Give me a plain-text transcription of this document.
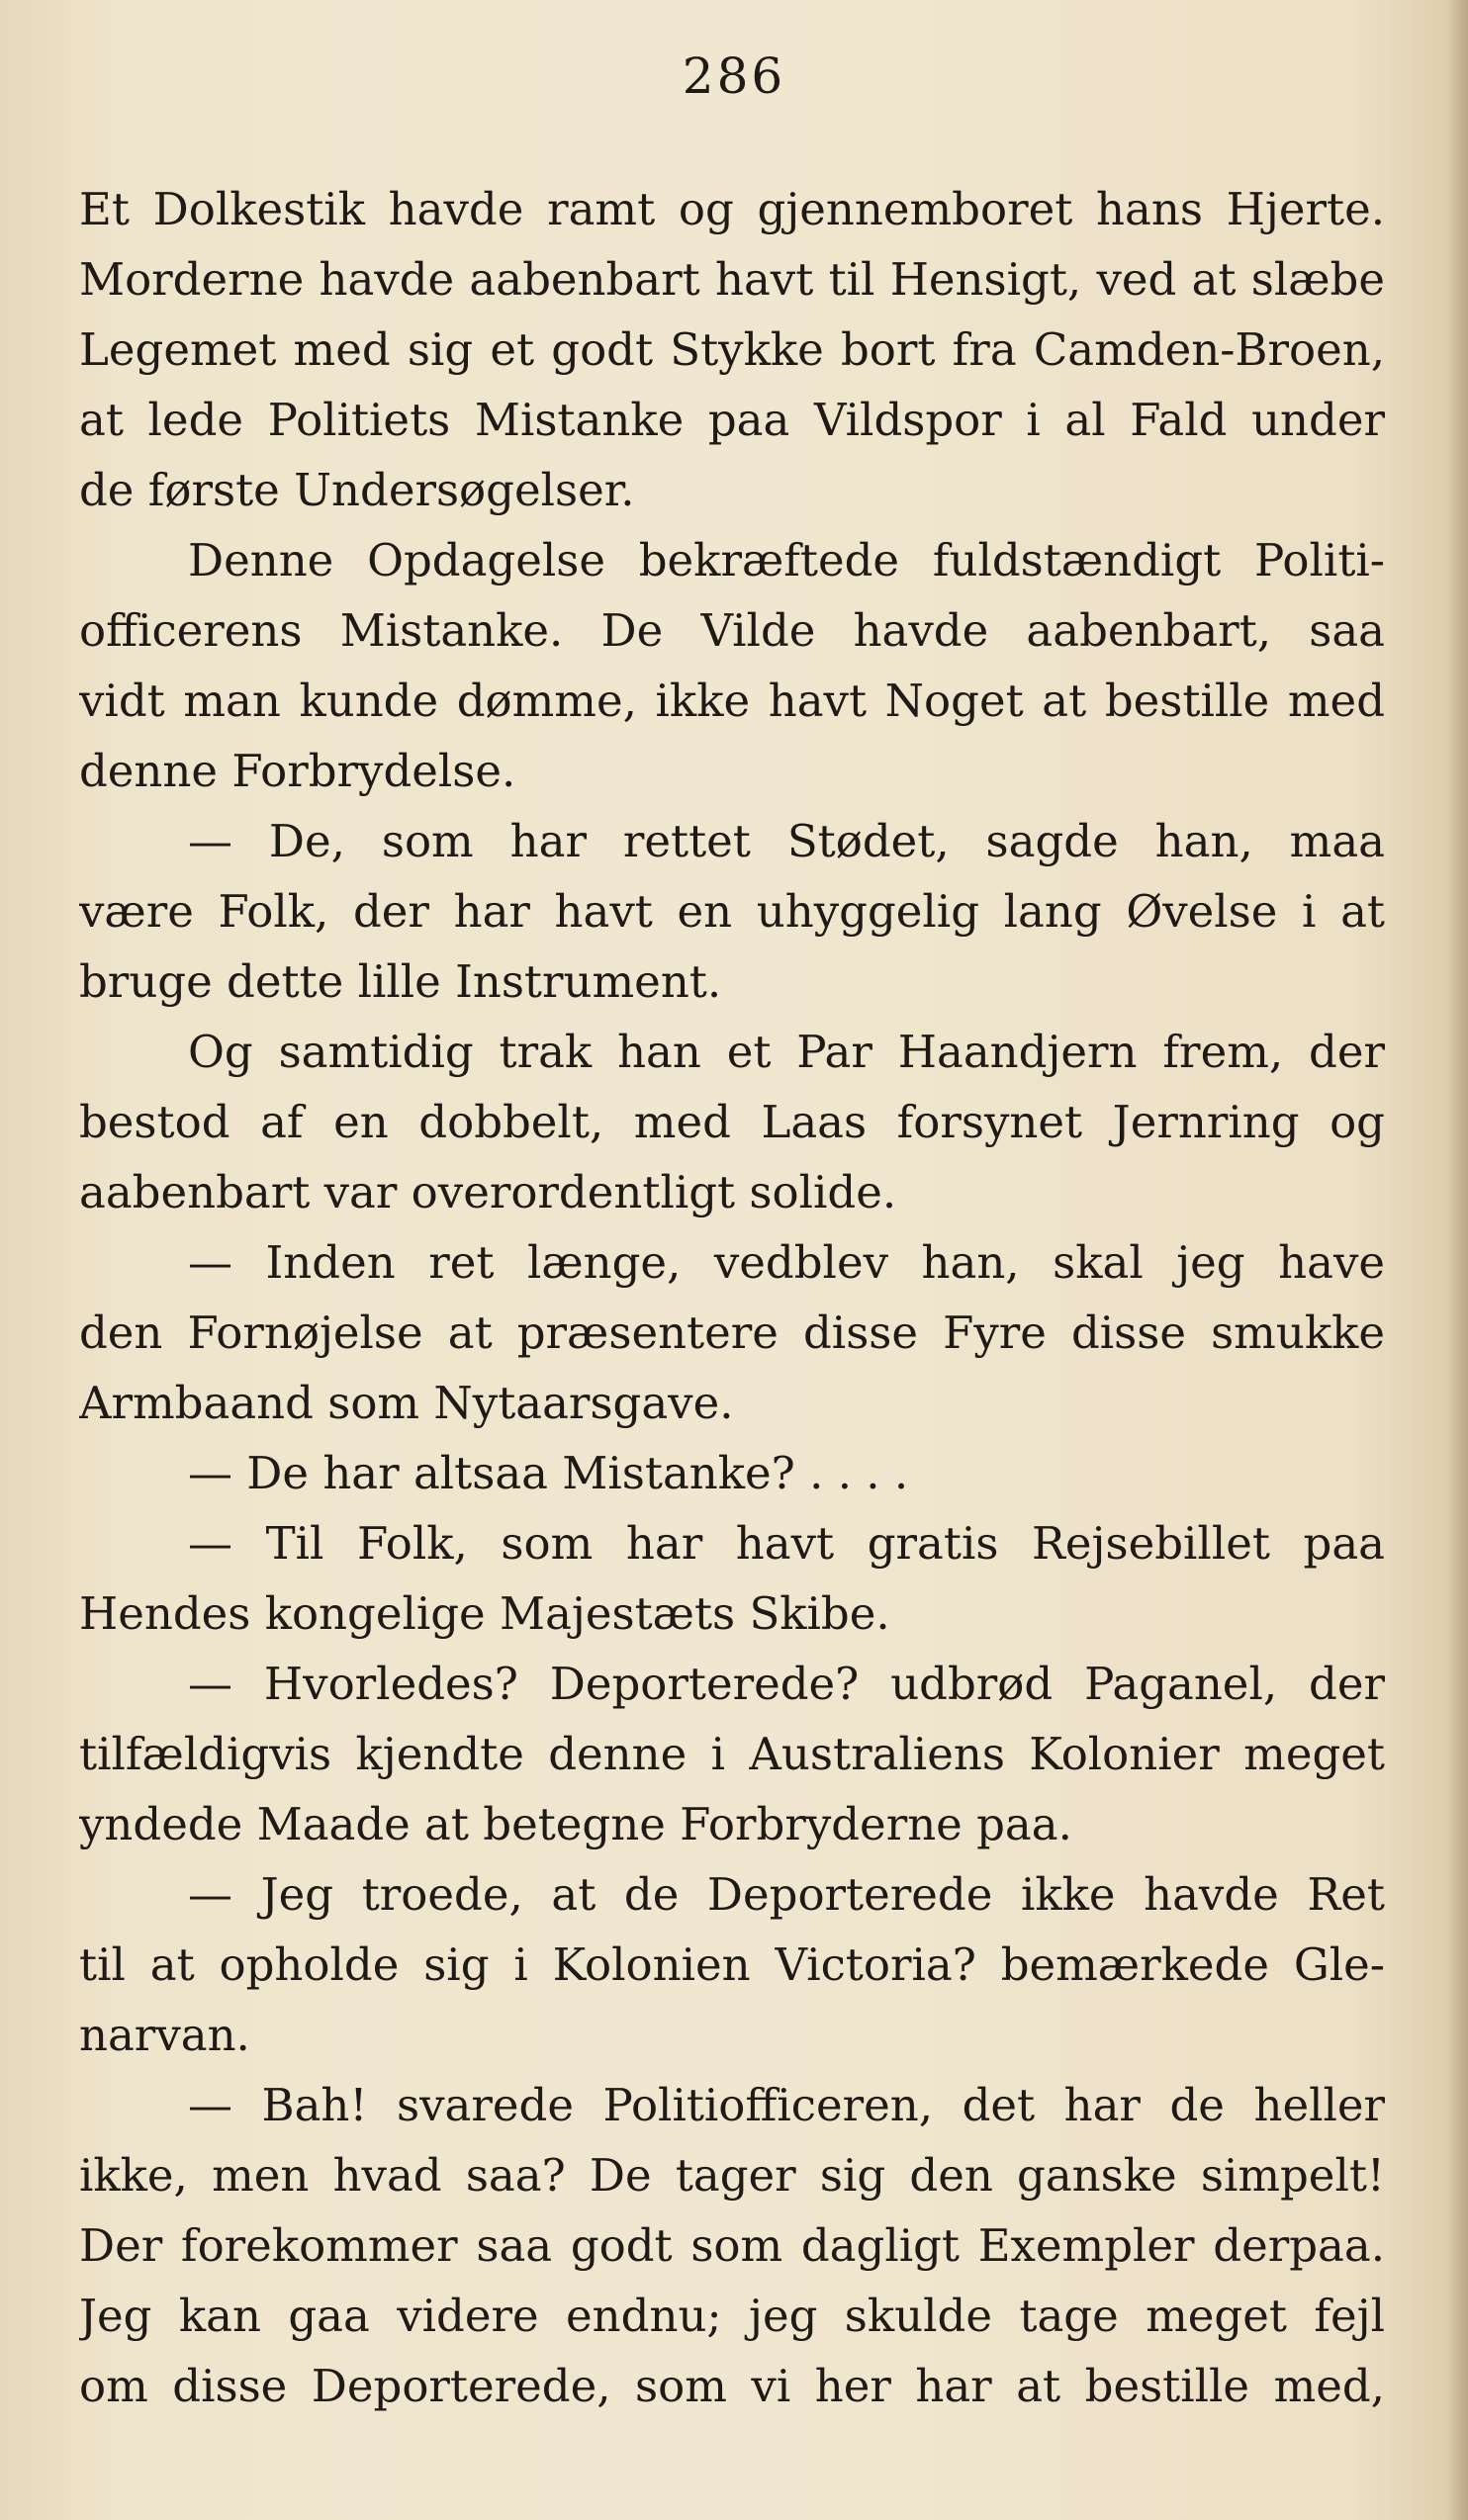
286

Et Dolkestik havde ramt og gjennemboret hans Hjerte.

Morderne havde aabenbart havt til Hensigt, ved at slæbe

Legemet med sig et godt Stykke bort fra Camden-Broen,

at lede Politiets Mistanke paa Vildspor i al Fald under

de første Undersøgelser.

Denne Opdagelse bekræftede fuldstændigt Politi-

officerens Mistanke. De Vilde havde aabenbart, saa

vidt man kunde dømme, ikke havt Noget at bestille med

denne Forbrydelse.

— De, som har rettet Stødet, sagde han, maa

være Folk, der har havt en uhyggelig lang Øvelse i at

bruge dette lille Instrument.

Og samtidig trak han et Par Haandjern frem, der

bestod af en dobbelt, med Laas forsynet Jernring og

aabenbart var overordentligt solide.

— Inden ret længe, vedblev han, skal jeg have

den Fornøjelse at præsentere disse Fyre disse smukke

Armbaand som Nytaarsgave.

— De har altsaa Mistanke? . . . .

— Til Folk, som har havt gratis Rejsebillet paa

Hendes kongelige Majestæts Skibe.

— Hvorledes? Deporterede? udbrød Paganel, der

tilfældigvis kjendte denne i Australiens Kolonier meget

yndede Maade at betegne Forbryderne paa.

— Jeg troede, at de Deporterede ikke havde Ret

til at opholde sig i Kolonien Victoria? bemærkede Gle-

narvan.

— Bah! svarede Politiofficeren, det har de heller

ikke, men hvad saa? De tager sig den ganske simpelt!

Der forekommer saa godt som dagligt Exempler derpaa.

Jeg kan gaa videre endnu; jeg skulde tage meget fejl

om disse Deporterede, som vi her har at bestille med,
